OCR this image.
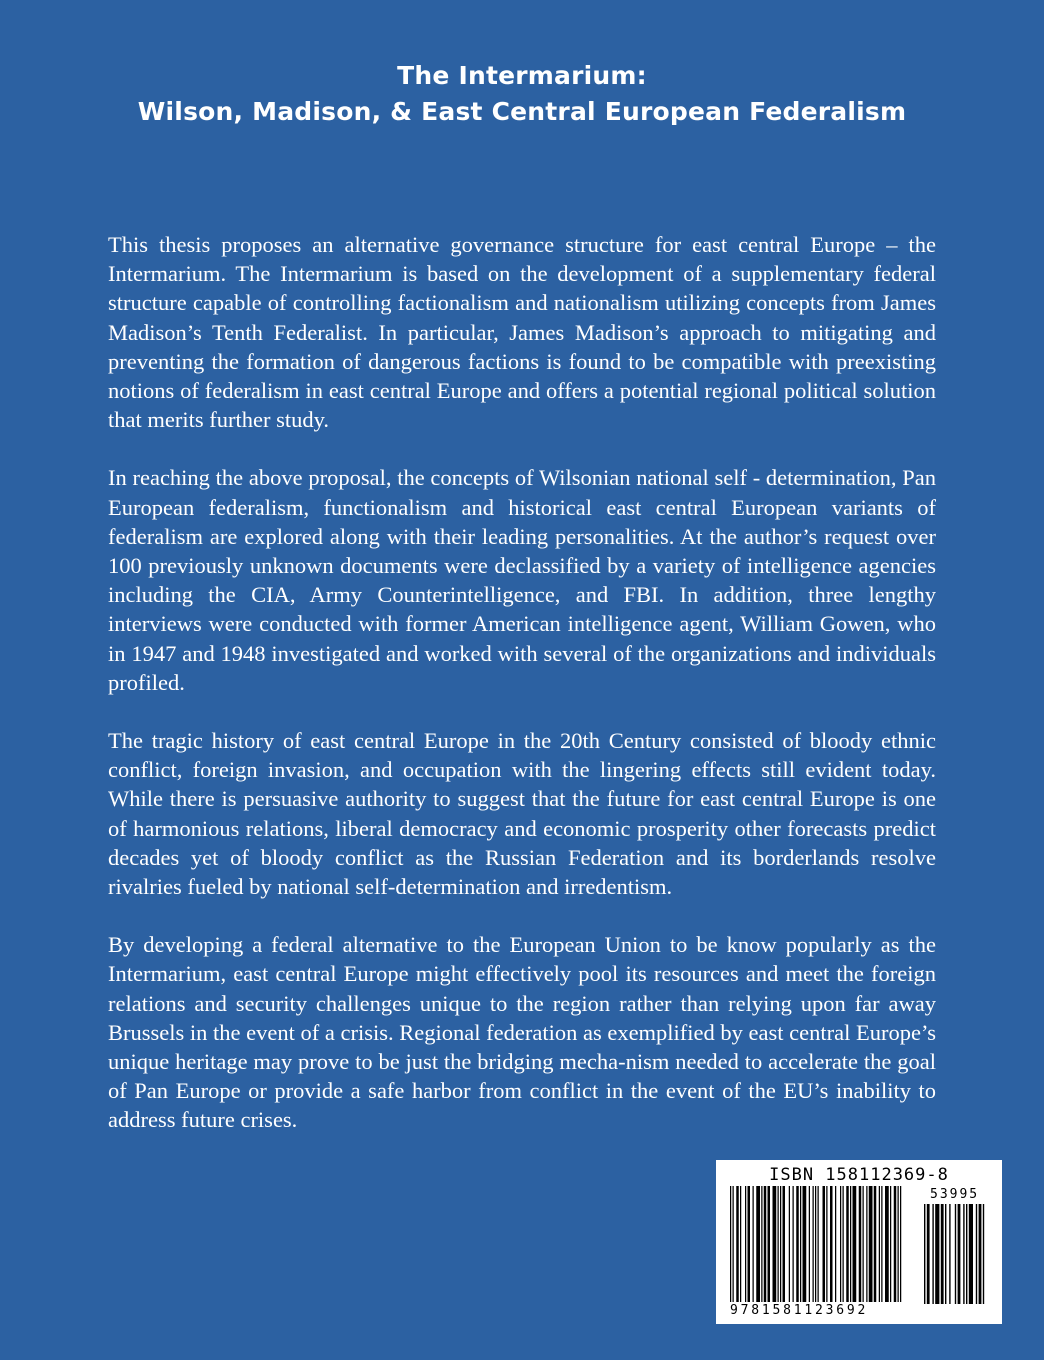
The Intermarium:
Wilson, Madison, & East Central European Federalism

This thesis proposes an alternative governance structure for east central Europe – the Intermarium. The Intermarium is based on the development of a supplementary federal structure capable of controlling factionalism and nationalism utilizing concepts from James Madison’s Tenth Federalist. In particular, James Madison’s approach to mitigating and preventing the formation of dangerous factions is found to be compatible with preexisting notions of federalism in east central Europe and offers a potential regional political solution that merits further study.

In reaching the above proposal, the concepts of Wilsonian national self - determination, Pan European federalism, functionalism and historical east central European variants of federalism are explored along with their leading personalities. At the author’s request over 100 previously unknown documents were declassified by a variety of intelligence agencies including the CIA, Army Counterintelligence, and FBI. In addition, three lengthy interviews were conducted with former American intelligence agent, William Gowen, who in 1947 and 1948 investigated and worked with several of the organizations and individuals profiled.

The tragic history of east central Europe in the 20th Century consisted of bloody ethnic conflict, foreign invasion, and occupation with the lingering effects still evident today. While there is persuasive authority to suggest that the future for east central Europe is one of harmonious relations, liberal democracy and economic prosperity other forecasts predict decades yet of bloody conflict as the Russian Federation and its borderlands resolve rivalries fueled by national self-determination and irredentism.

By developing a federal alternative to the European Union to be know popularly as the Intermarium, east central Europe might effectively pool its resources and meet the foreign relations and security challenges unique to the region rather than relying upon far away Brussels in the event of a crisis. Regional federation as exemplified by east central Europe’s unique heritage may prove to be just the bridging mecha-nism needed to accelerate the goal of Pan Europe or provide a safe harbor from conflict in the event of the EU’s inability to address future crises.

ISBN 158112369-8
53995
9781581123692
